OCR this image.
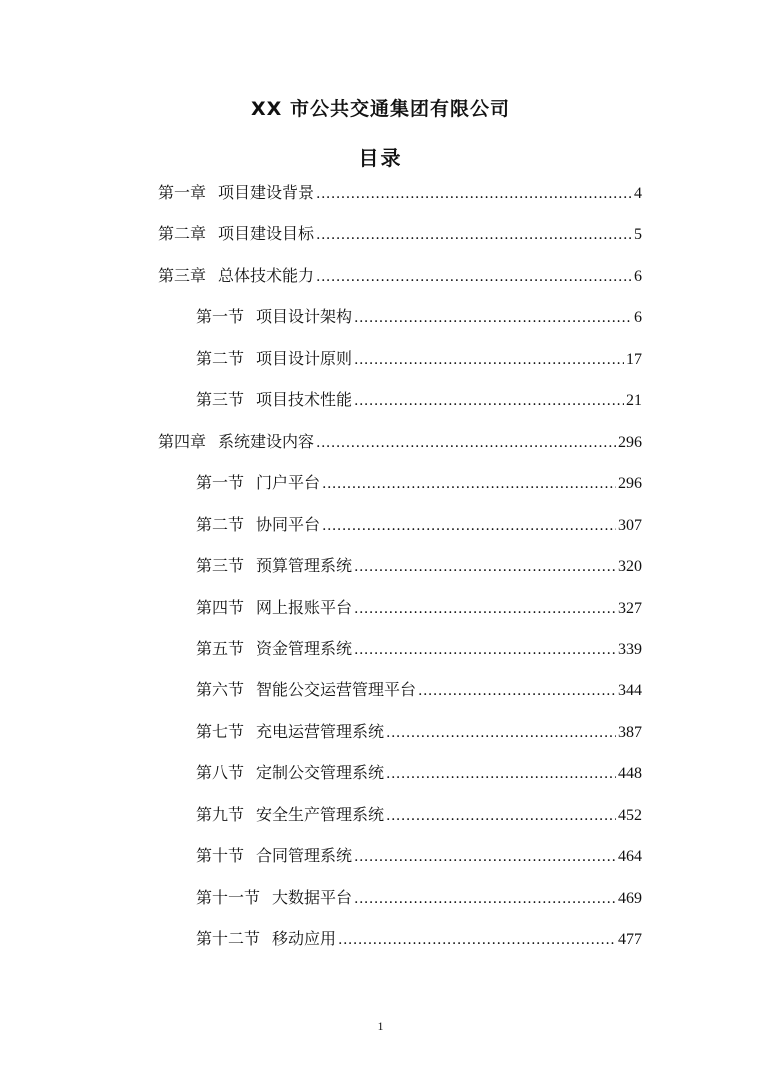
XX 市公共交通集团有限公司
目录
第一章 项目建设背景 .....	4
第二章 项目建设目标 .....	5
第三章 总体技术能力 .....	6
第一节 项目设计架构 .....	6
第二节 项目设计原则 .....	17
第三节 项目技术性能 .....	21
第四章 系统建设内容 .....	296
第一节 门户平台 .....	296
第二节 协同平台 .....	307
第三节 预算管理系统 .....	320
第四节 网上报账平台 .....	327
第五节 资金管理系统 .....	339
第六节 智能公交运营管理平台 .....	344
第七节 充电运营管理系统 .....	387
第八节 定制公交管理系统 .....	448
第九节 安全生产管理系统 .....	452
第十节 合同管理系统 .....	464
第十一节 大数据平台 .....	469
第十二节 移动应用 .....	477
1
